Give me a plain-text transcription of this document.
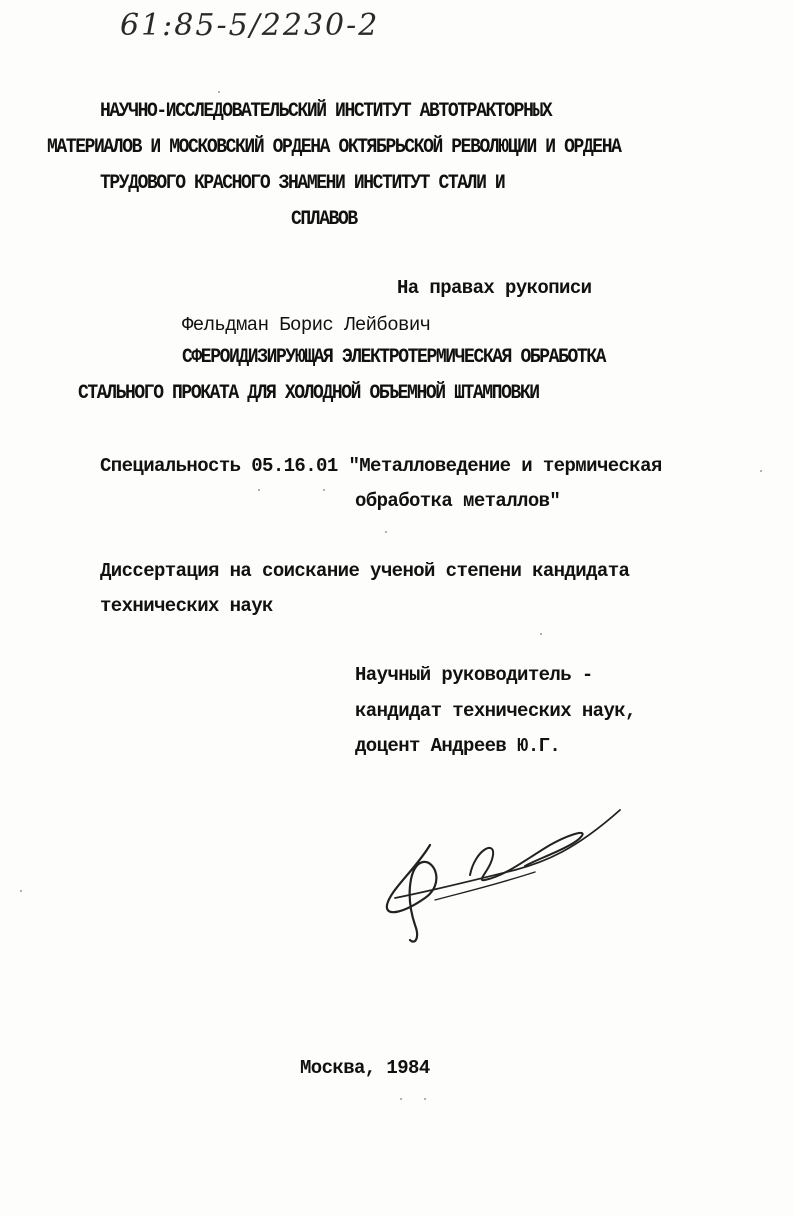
61:85-5/2230-2
НАУЧНО-ИССЛЕДОВАТЕЛЬСКИЙ ИНСТИТУТ АВТОТРАКТОРНЫХ
МАТЕРИАЛОВ И МОСКОВСКИЙ ОРДЕНА ОКТЯБРЬСКОЙ РЕВОЛЮЦИИ И ОРДЕНА
ТРУДОВОГО КРАСНОГО ЗНАМЕНИ ИНСТИТУТ СТАЛИ И
СПЛАВОВ
На правах рукописи
Фельдман Борис Лейбович
СФЕРОИДИЗИРУЮЩАЯ ЭЛЕКТРОТЕРМИЧЕСКАЯ ОБРАБОТКА
СТАЛЬНОГО ПРОКАТА ДЛЯ ХОЛОДНОЙ ОБЪЕМНОЙ ШТАМПОВКИ
Специальность 05.16.01 "Металловедение и термическая
обработка металлов"
Диссертация на соискание ученой степени кандидата
технических наук
Научный руководитель -
кандидат технических наук,
доцент Андреев Ю.Г.
Москва, 1984
